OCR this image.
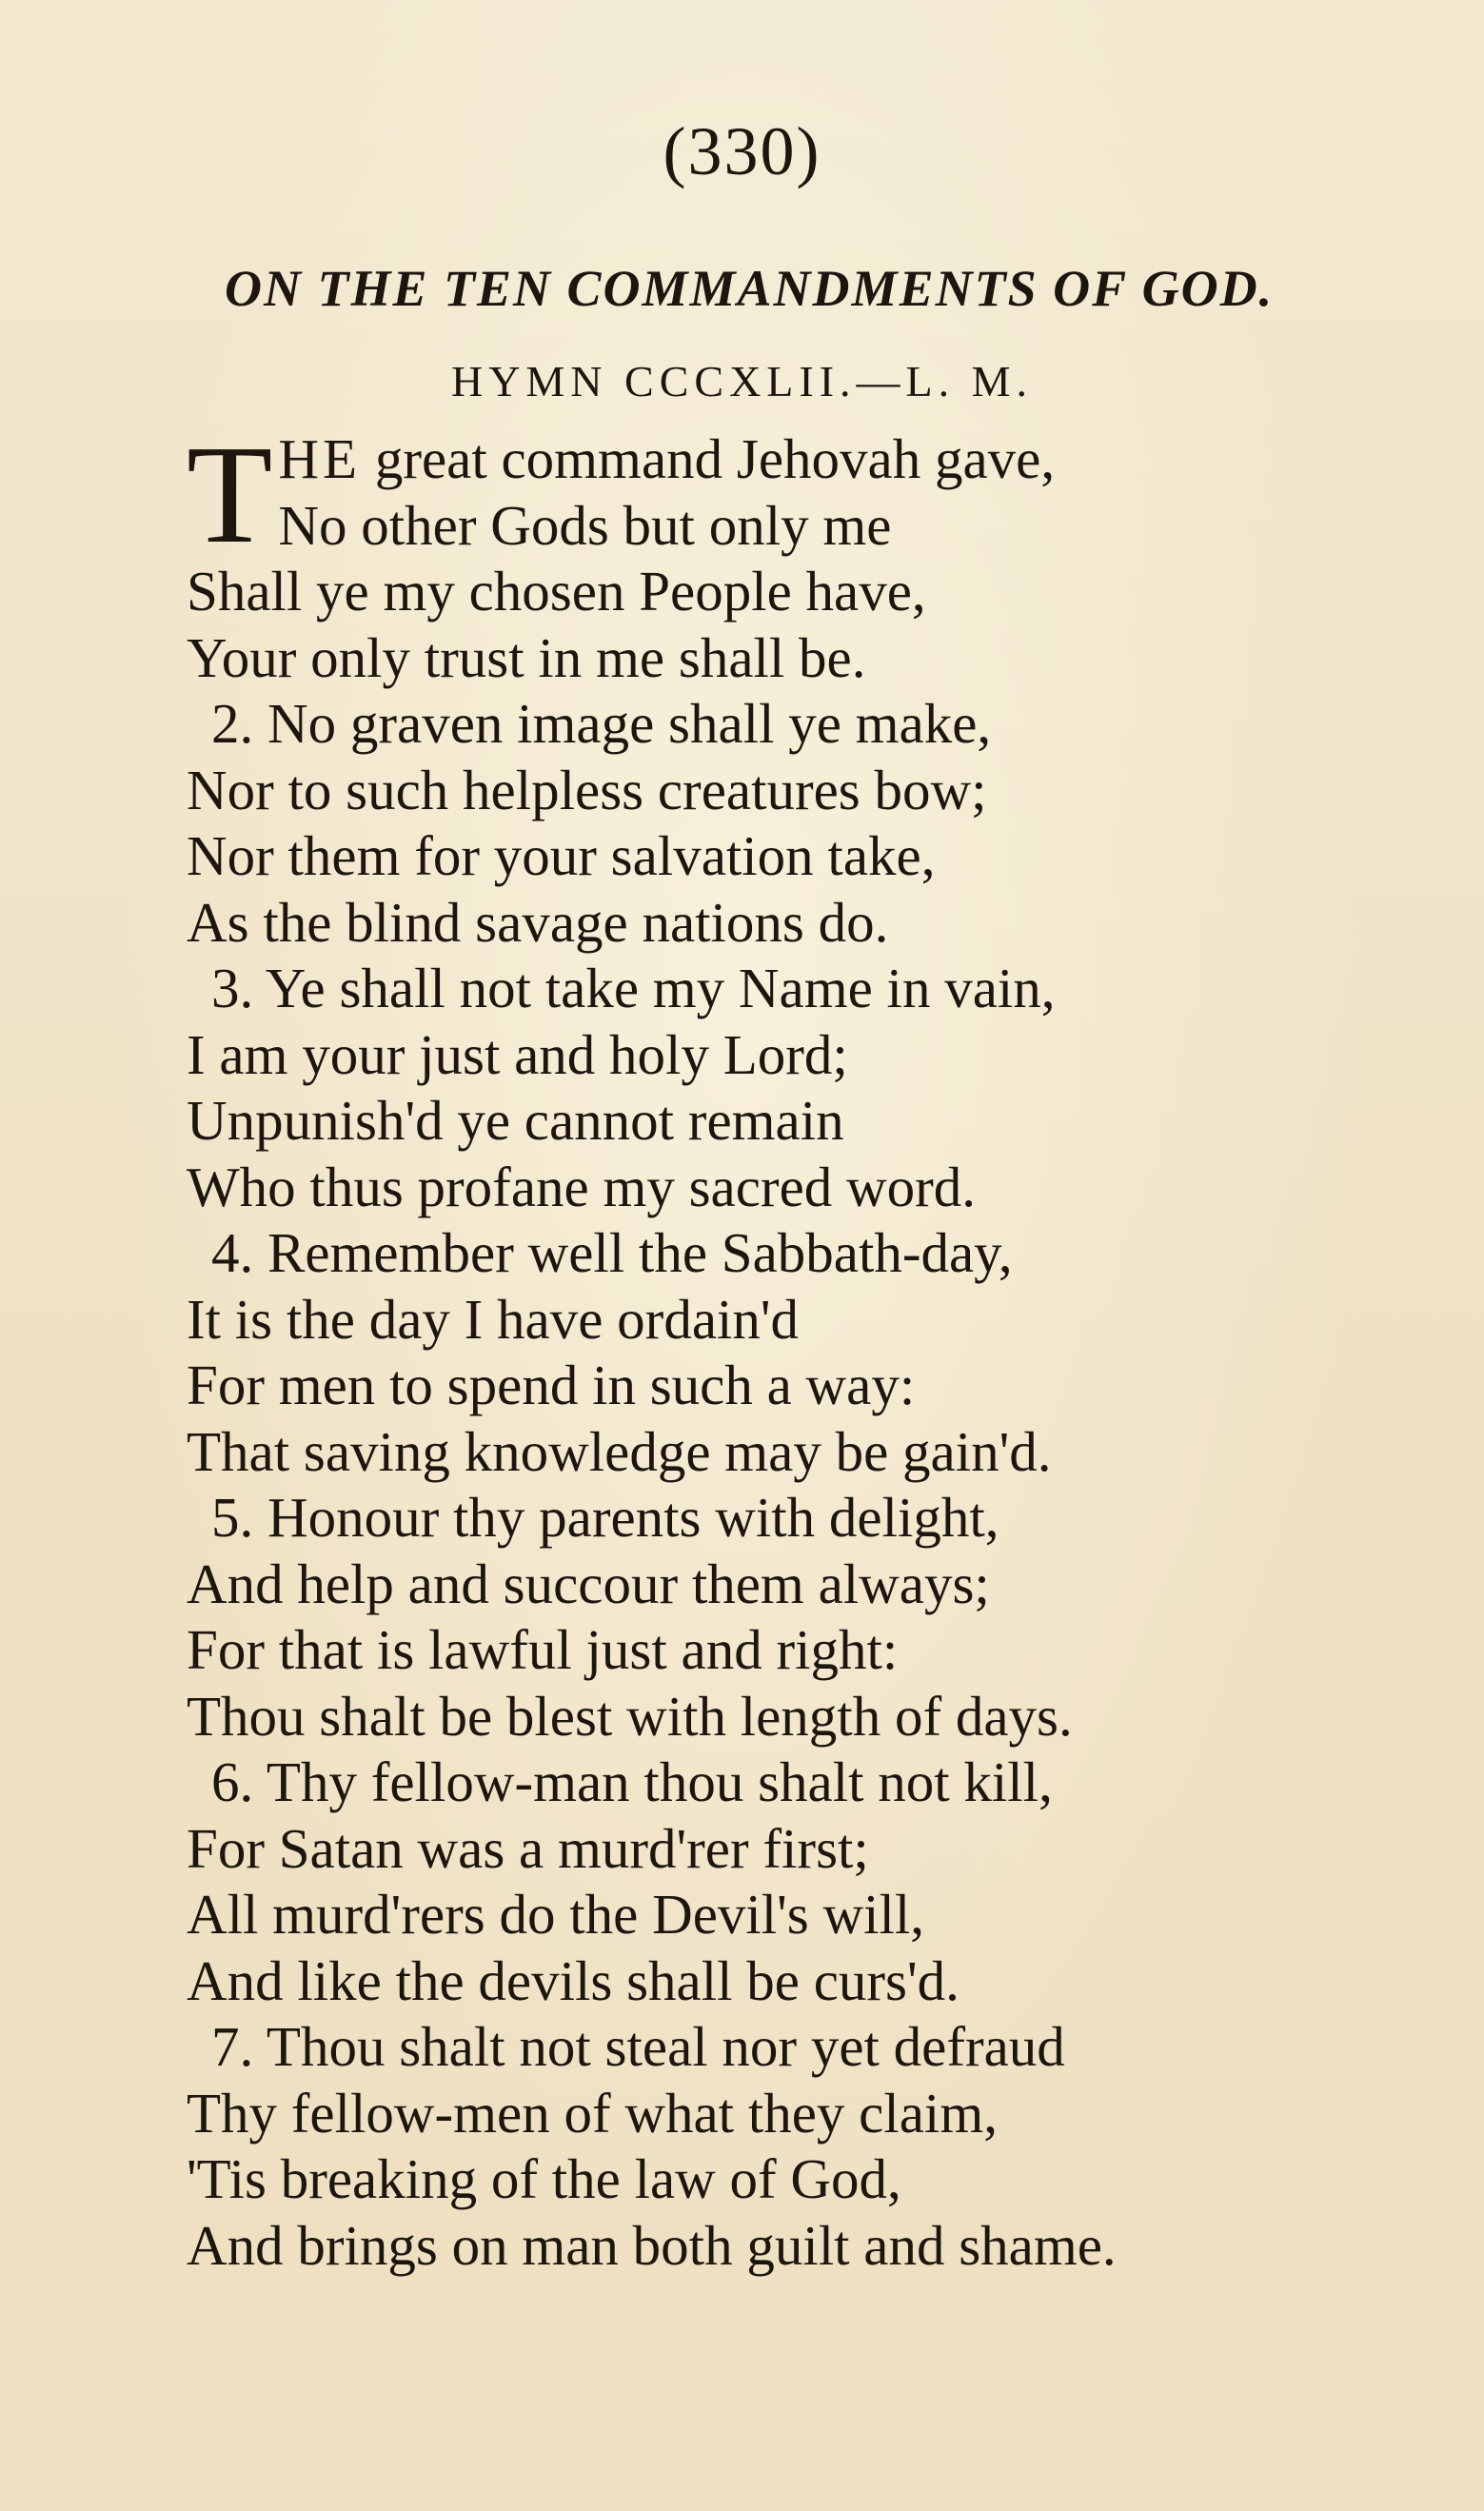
(330)
ON THE TEN COMMANDMENTS OF GOD.
HYMN CCCXLII.—L. M.
THE great command Jehovah gave,
No other Gods but only me
Shall ye my chosen People have,
Your only trust in me shall be.
2. No graven image shall ye make,
Nor to such helpless creatures bow;
Nor them for your salvation take,
As the blind savage nations do.
3. Ye shall not take my Name in vain,
I am your just and holy Lord;
Unpunish'd ye cannot remain
Who thus profane my sacred word.
4. Remember well the Sabbath-day,
It is the day I have ordain'd
For men to spend in such a way:
That saving knowledge may be gain'd.
5. Honour thy parents with delight,
And help and succour them always;
For that is lawful just and right:
Thou shalt be blest with length of days.
6. Thy fellow-man thou shalt not kill,
For Satan was a murd'rer first;
All murd'rers do the Devil's will,
And like the devils shall be curs'd.
7. Thou shalt not steal nor yet defraud
Thy fellow-men of what they claim,
'Tis breaking of the law of God,
And brings on man both guilt and shame.
